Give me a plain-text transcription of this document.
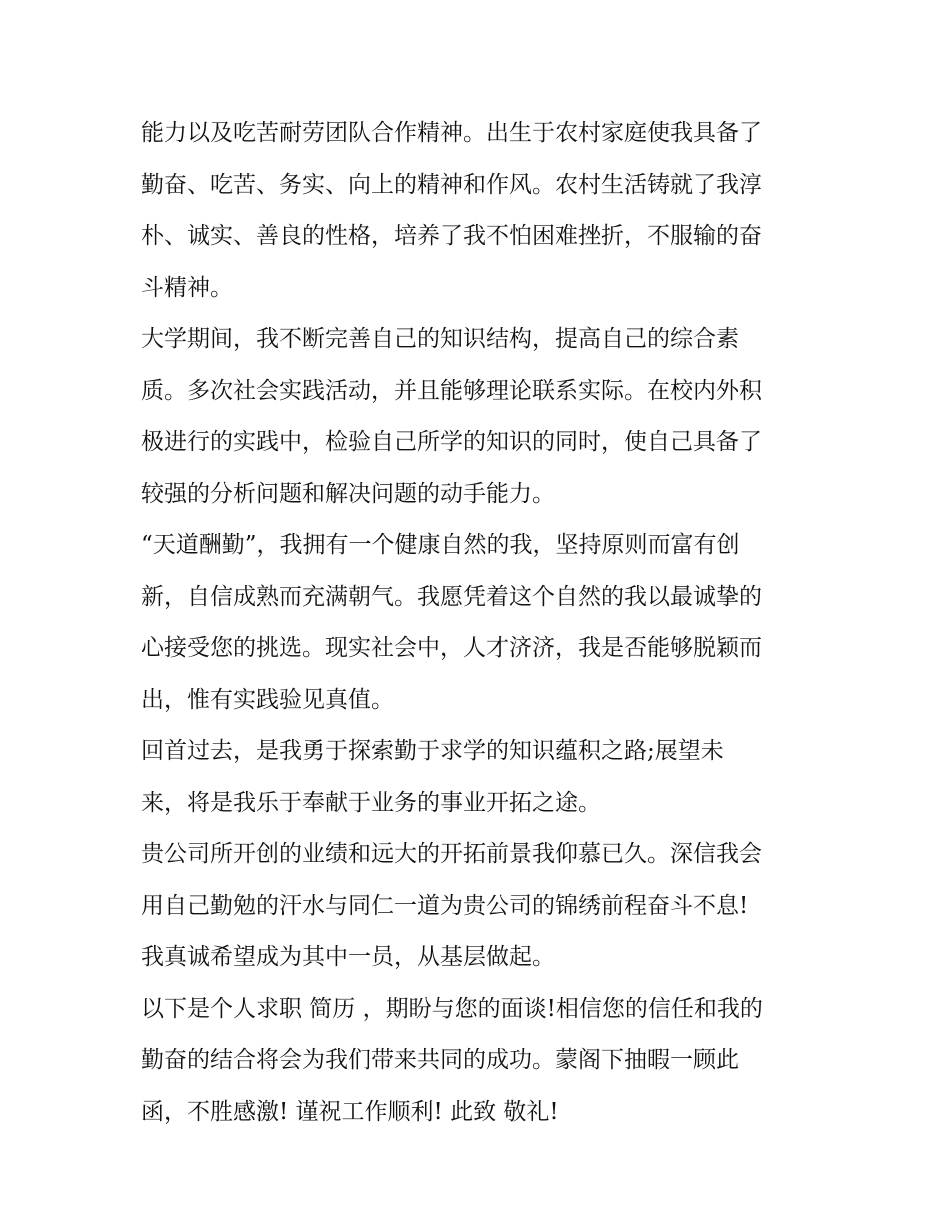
能力以及吃苦耐劳团队合作精神。出生于农村家庭使我具备了
勤奋、吃苦、务实、向上的精神和作风。农村生活铸就了我淳
朴、诚实、善良的性格，培养了我不怕困难挫折，不服输的奋
斗精神。
大学期间，我不断完善自己的知识结构，提高自己的综合素
质。多次社会实践活动，并且能够理论联系实际。在校内外积
极进行的实践中，检验自己所学的知识的同时，使自己具备了
较强的分析问题和解决问题的动手能力。
“天道酬勤”，我拥有一个健康自然的我，坚持原则而富有创
新，自信成熟而充满朝气。我愿凭着这个自然的我以最诚挚的
心接受您的挑选。现实社会中，人才济济，我是否能够脱颖而
出，惟有实践验见真值。
回首过去，是我勇于探索勤于求学的知识蕴积之路;展望未
来，将是我乐于奉献于业务的事业开拓之途。
贵公司所开创的业绩和远大的开拓前景我仰慕已久。深信我会
用自己勤勉的汗水与同仁一道为贵公司的锦绣前程奋斗不息!
我真诚希望成为其中一员，从基层做起。
以下是个人求职 简历 ，期盼与您的面谈!相信您的信任和我的
勤奋的结合将会为我们带来共同的成功。蒙阁下抽暇一顾此
函，不胜感激! 谨祝工作顺利! 此致 敬礼!
